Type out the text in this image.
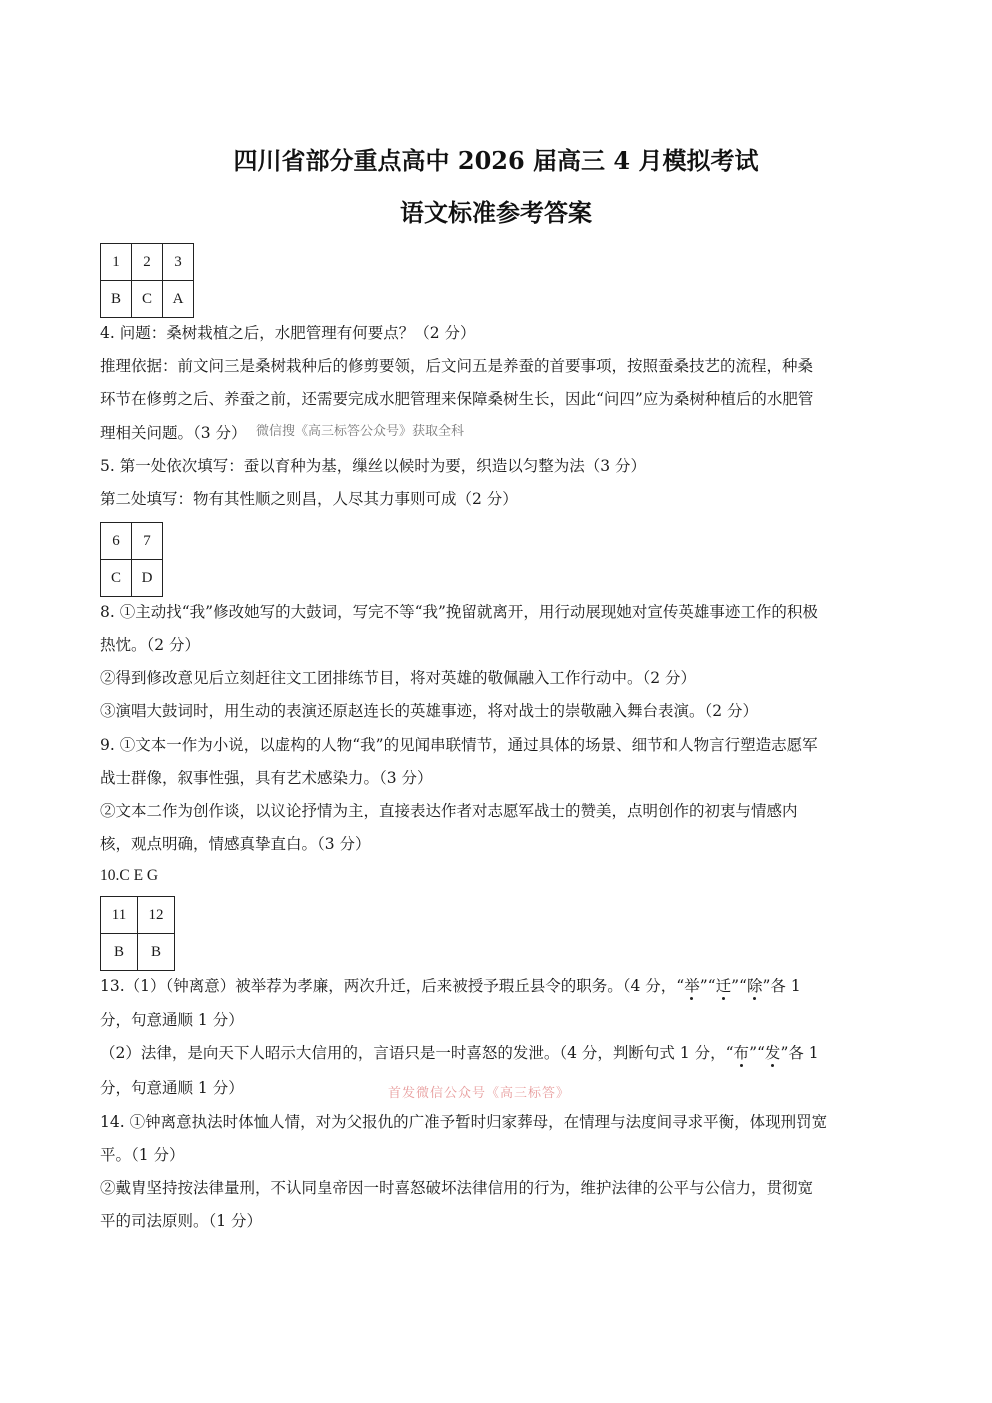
四川省部分重点高中 2026 届高三 4 月模拟考试
语文标准参考答案
1	2	3
B	C	A
4. 问题：桑树栽植之后，水肥管理有何要点？（2 分）
推理依据：前文问三是桑树栽种后的修剪要领，后文问五是养蚕的首要事项，按照蚕桑技艺的流程，种桑
环节在修剪之后、养蚕之前，还需要完成水肥管理来保障桑树生长，因此“问四”应为桑树种植后的水肥管
理相关问题。（3 分） 微信搜《高三标答公众号》获取全科
5. 第一处依次填写：蚕以育种为基，缫丝以候时为要，织造以匀整为法（3 分）
第二处填写：物有其性顺之则昌，人尽其力事则可成（2 分）
6	7
C	D
8. ①主动找“我”修改她写的大鼓词，写完不等“我”挽留就离开，用行动展现她对宣传英雄事迹工作的积极
热忱。（2 分）
②得到修改意见后立刻赶往文工团排练节目，将对英雄的敬佩融入工作行动中。（2 分）
③演唱大鼓词时，用生动的表演还原赵连长的英雄事迹，将对战士的崇敬融入舞台表演。（2 分）
9. ①文本一作为小说，以虚构的人物“我”的见闻串联情节，通过具体的场景、细节和人物言行塑造志愿军
战士群像，叙事性强，具有艺术感染力。（3 分）
②文本二作为创作谈，以议论抒情为主，直接表达作者对志愿军战士的赞美，点明创作的初衷与情感内
核，观点明确，情感真挚直白。（3 分）
10.C E G
11	12
B	B
13.（1）（钟离意）被举荐为孝廉，两次升迁，后来被授予瑕丘县令的职务。（4 分，“举”“迁”“除”各 1
分，句意通顺 1 分）
（2）法律，是向天下人昭示大信用的，言语只是一时喜怒的发泄。（4 分，判断句式 1 分，“布”“发”各 1
分，句意通顺 1 分）	首发微信公众号《高三标答》
14. ①钟离意执法时体恤人情，对为父报仇的广准予暂时归家葬母，在情理与法度间寻求平衡，体现刑罚宽
平。（1 分）
②戴胄坚持按法律量刑，不认同皇帝因一时喜怒破坏法律信用的行为，维护法律的公平与公信力，贯彻宽
平的司法原则。（1 分）
